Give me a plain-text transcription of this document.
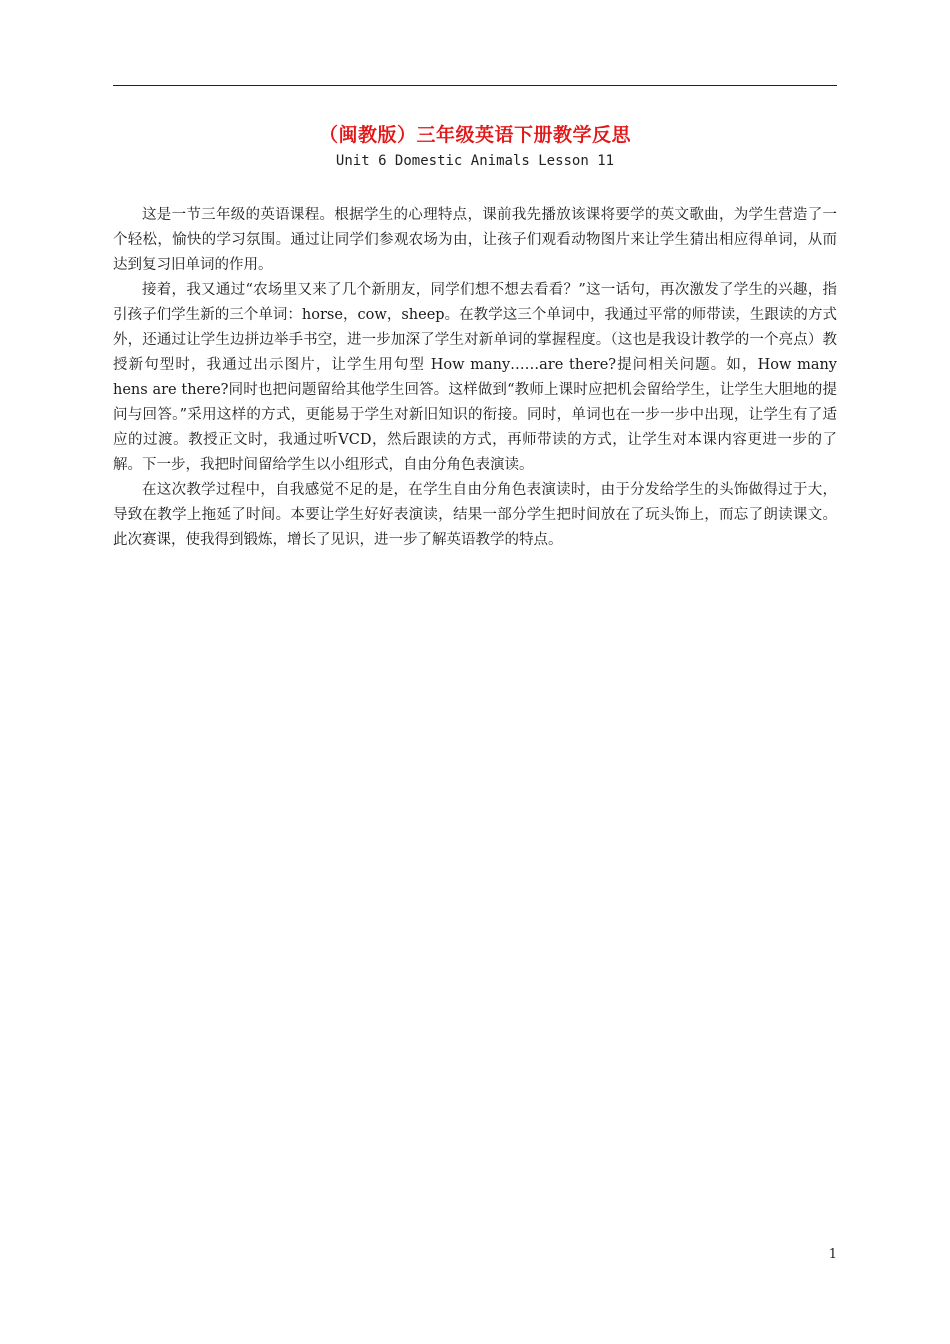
（闽教版）三年级英语下册教学反思
Unit 6 Domestic Animals Lesson 11

这是一节三年级的英语课程。根据学生的心理特点，课前我先播放该课将要学的英文歌曲，为学生营造了一个轻松，愉快的学习氛围。通过让同学们参观农场为由，让孩子们观看动物图片来让学生猜出相应得单词，从而达到复习旧单词的作用。

接着，我又通过“农场里又来了几个新朋友，同学们想不想去看看？”这一话句，再次激发了学生的兴趣，指引孩子们学生新的三个单词：horse，cow，sheep。在教学这三个单词中，我通过平常的师带读，生跟读的方式外，还通过让学生边拼边举手书空，进一步加深了学生对新单词的掌握程度。（这也是我设计教学的一个亮点）教授新句型时，我通过出示图片，让学生用句型 How many……are there?提问相关问题。如，How many hens are there?同时也把问题留给其他学生回答。这样做到“教师上课时应把机会留给学生，让学生大胆地的提问与回答。”采用这样的方式，更能易于学生对新旧知识的衔接。同时，单词也在一步一步中出现，让学生有了适应的过渡。教授正文时，我通过听VCD，然后跟读的方式，再师带读的方式，让学生对本课内容更进一步的了解。下一步，我把时间留给学生以小组形式，自由分角色表演读。

在这次教学过程中，自我感觉不足的是，在学生自由分角色表演读时，由于分发给学生的头饰做得过于大，导致在教学上拖延了时间。本要让学生好好表演读，结果一部分学生把时间放在了玩头饰上，而忘了朗读课文。此次赛课，使我得到锻炼，增长了见识，进一步了解英语教学的特点。

1
